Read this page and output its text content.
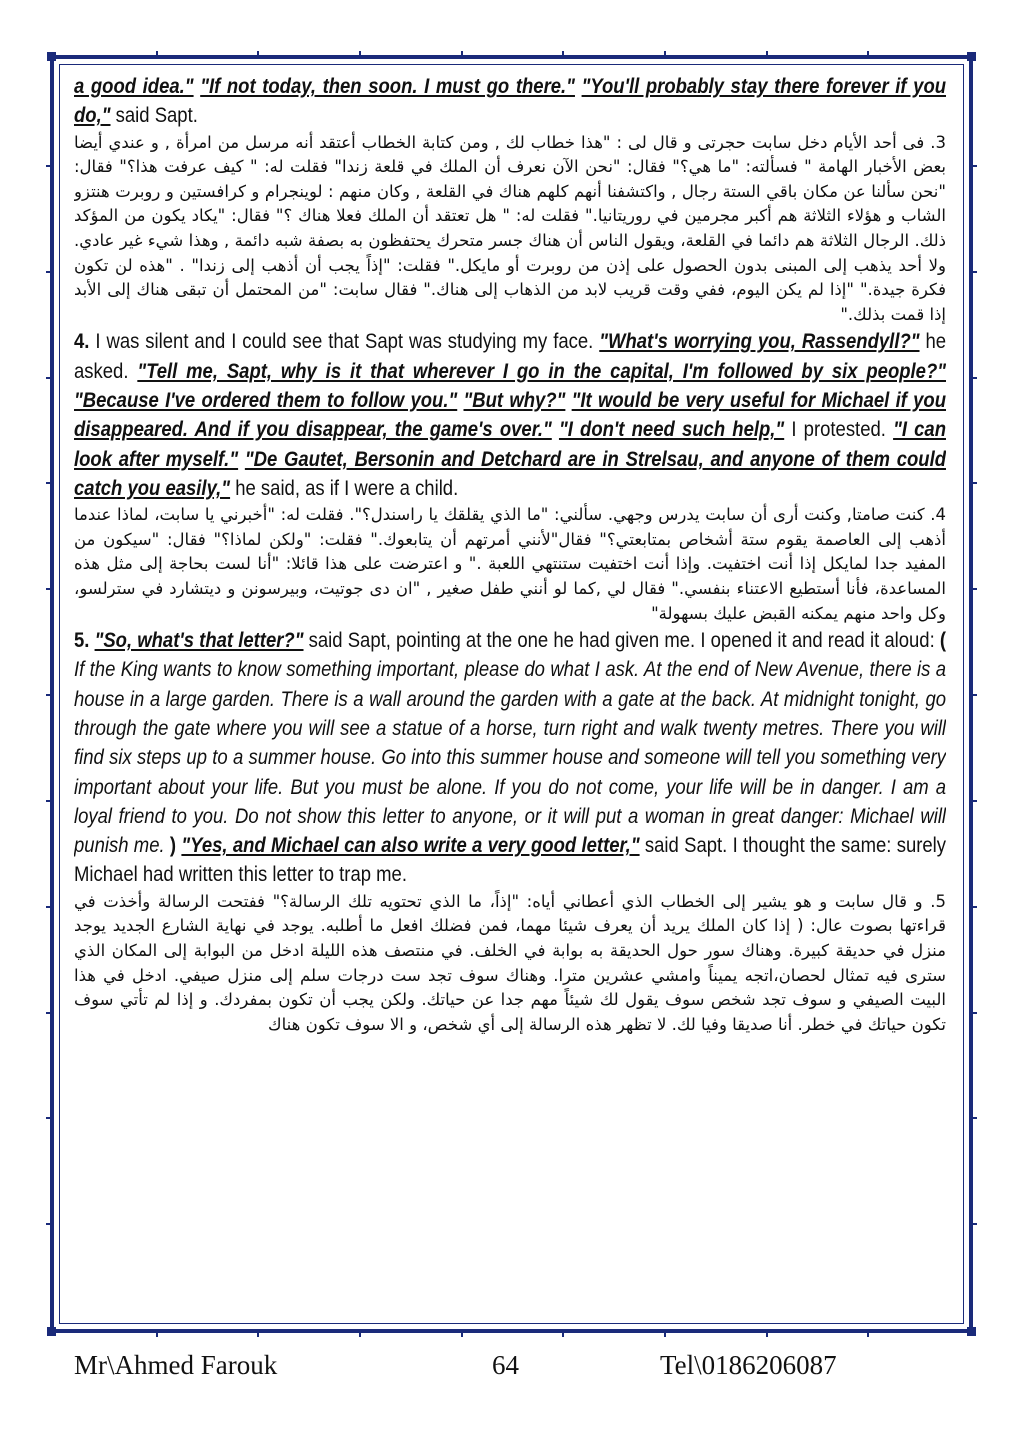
a good idea." "If not today, then soon. I must go there." "You'll probably stay there forever if you do," said Sapt.

3. فى أحد الأيام دخل سابت حجرتى و قال لى : "هذا خطاب لك , ومن كتابة الخطاب أعتقد أنه مرسل من امرأة , و عندي أيضا بعض الأخبار الهامة " فسألته: "ما هي؟" فقال: "نحن الآن نعرف أن الملك في قلعة زندا" فقلت له: " كيف عرفت هذا؟" فقال: "نحن سألنا عن مكان باقي الستة رجال , واكتشفنا أنهم كلهم هناك في القلعة , وكان منهم : لوينجرام و كرافستين و روبرت هنتزو الشاب و هؤلاء الثلاثة هم أكبر مجرمين في روريتانيا." فقلت له: " هل تعتقد أن الملك فعلا هناك ؟" فقال: "يكاد يكون من المؤكد ذلك. الرجال الثلاثة هم دائما في القلعة، ويقول الناس أن هناك جسر متحرك يحتفظون به بصفة شبه دائمة , وهذا شيء غير عادي. ولا أحد يذهب إلى المبنى بدون الحصول على إذن من روبرت أو مايكل." فقلت: "إذاً يجب أن أذهب إلى زندا" . "هذه لن تكون فكرة جيدة." "إذا لم يكن اليوم، ففي وقت قريب لابد من الذهاب إلى هناك." فقال سابت: "من المحتمل أن تبقى هناك إلى الأبد إذا قمت بذلك."

4. I was silent and I could see that Sapt was studying my face. "What's worrying you, Rassendyll?" he asked. "Tell me, Sapt, why is it that wherever I go in the capital, I'm followed by six people?" "Because I've ordered them to follow you." "But why?" "It would be very useful for Michael if you disappeared. And if you disappear, the game's over." "I don't need such help," I protested. "I can look after myself." "De Gautet, Bersonin and Detchard are in Strelsau, and anyone of them could catch you easily," he said, as if I were a child.

4. كنت صامتا, وكنت أرى أن سابت يدرس وجهي. سألني: "ما الذي يقلقك يا راسندل؟". فقلت له: "أخبرني يا سابت، لماذا عندما أذهب إلى العاصمة يقوم ستة أشخاص بمتابعتي؟" فقال"لأنني أمرتهم أن يتابعوك." فقلت: "ولكن لماذا؟" فقال: "سيكون من المفيد جدا لمايكل إذا أنت اختفيت. وإذا أنت اختفيت ستنتهي اللعبة ." و اعترضت على هذا قائلا: "أنا لست بحاجة إلى مثل هذه المساعدة، فأنا أستطيع الاعتناء بنفسي." فقال لي ,كما لو أنني طفل صغير , "ان دى جوتيت، وبيرسونن و ديتشارد في سترلسو، وكل واحد منهم يمكنه القبض عليك بسهولة"

5. "So, what's that letter?" said Sapt, pointing at the one he had given me. I opened it and read it aloud: ( If the King wants to know something important, please do what I ask. At the end of New Avenue, there is a house in a large garden. There is a wall around the garden with a gate at the back. At midnight tonight, go through the gate where you will see a statue of a horse, turn right and walk twenty metres. There you will find six steps up to a summer house. Go into this summer house and someone will tell you something very important about your life. But you must be alone. If you do not come, your life will be in danger. I am a loyal friend to you. Do not show this letter to anyone, or it will put a woman in great danger: Michael will punish me. ) "Yes, and Michael can also write a very good letter," said Sapt. I thought the same: surely Michael had written this letter to trap me.

5. و قال سابت و هو يشير إلى الخطاب الذي أعطاني أياه: "إذاً، ما الذي تحتويه تلك الرسالة؟" ففتحت الرسالة وأخذت في قراءتها بصوت عال: ( إذا كان الملك يريد أن يعرف شيئا مهما، فمن فضلك افعل ما أطلبه. يوجد في نهاية الشارع الجديد يوجد منزل في حديقة كبيرة. وهناك سور حول الحديقة به بوابة في الخلف. في منتصف هذه الليلة ادخل من البوابة إلى المكان الذي سترى فيه تمثال لحصان،اتجه يميناً وامشي عشرين مترا. وهناك سوف تجد ست درجات سلم إلى منزل صيفي. ادخل في هذا البيت الصيفي و سوف تجد شخص سوف يقول لك شيئاً مهم جدا عن حياتك. ولكن يجب أن تكون بمفردك. و إذا لم تأتي سوف تكون حياتك في خطر. أنا صديقا وفيا لك. لا تظهر هذه الرسالة إلى أي شخص، و الا سوف تكون هناك

Mr\Ahmed Farouk	64	Tel\0186206087
